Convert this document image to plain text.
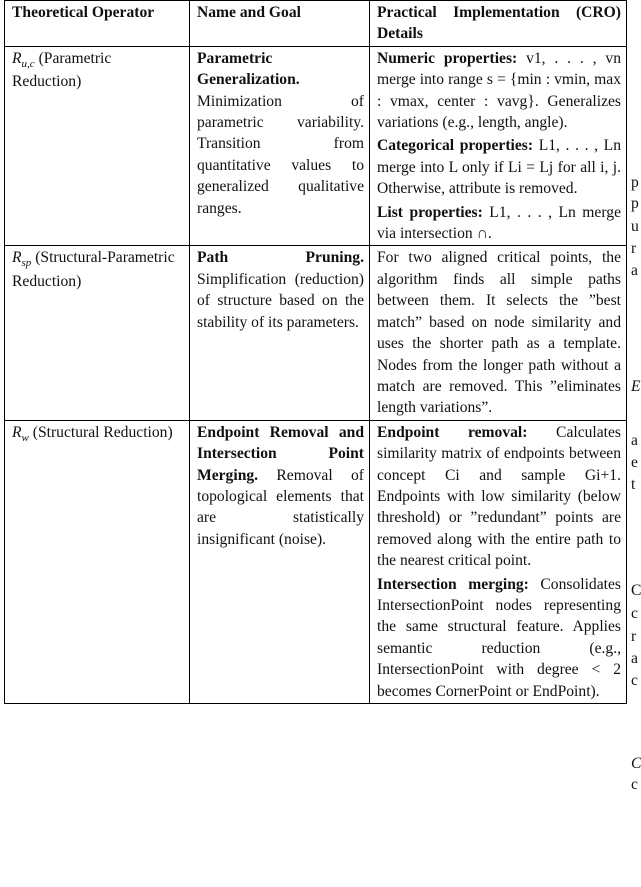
Theoretical Operator	Name and Goal	Practical Implementation (CRO) Details
$R_{u,c}$ (Parametric Reduction)	Parametric Generalization. Minimization of parametric variability. Transition from quantitative values to generalized qualitative ranges.	Numeric properties: v1, . . . , vn merge into range s = {min : vmin, max : vmax, center : vavg}. Generalizes variations (e.g., length, angle).

Categorical properties: L1, . . . , Ln merge into L only if Li = Lj for all i, j. Otherwise, attribute is removed.

List properties: L1, . . . , Ln merge via intersection ∩.

$R_{sp}$ (Structural-Parametric Reduction)	Path Pruning. Simplification (reduction) of structure based on the stability of its parameters.	For two aligned critical points, the algorithm finds all simple paths between them. It selects the ”best match” based on node similarity and uses the shorter path as a template. Nodes from the longer path without a match are removed. This ”eliminates length variations”.

$R_w$ (Structural Reduction)	Endpoint Removal and Intersection Point Merging. Removal of topological elements that are statistically insignificant (noise).	Endpoint removal: Calculates similarity matrix of endpoints between concept Ci and sample Gi+1. Endpoints with low similarity (below threshold) or ”redundant” points are removed along with the entire path to the nearest critical point.

Intersection merging: Consolidates IntersectionPoint nodes representing the same structural feature. Applies semantic reduction (e.g., IntersectionPoint with degree < 2 becomes CornerPoint or EndPoint).

p
p
u
r
a
E
a
e
t
C
c
r
a
c
C
c
